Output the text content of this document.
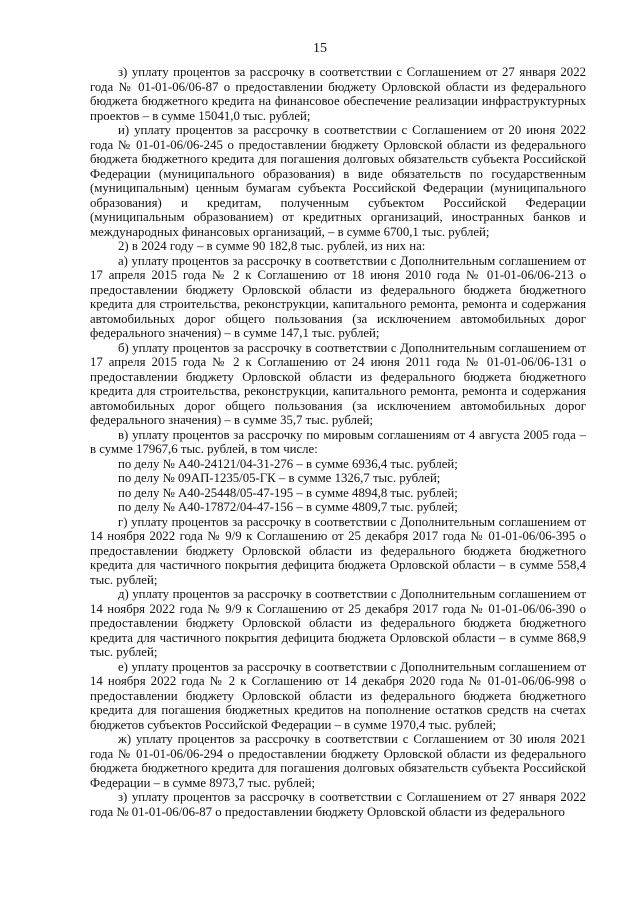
15

з) уплату процентов за рассрочку в соответствии с Соглашением от 27 января 2022 года № 01-01-06/06-87 о предоставлении бюджету Орловской области из федерального бюджета бюджетного кредита на финансовое обеспечение реализации инфраструктурных проектов – в сумме 15041,0 тыс. рублей;

и) уплату процентов за рассрочку в соответствии с Соглашением от 20 июня 2022 года № 01-01-06/06-245 о предоставлении бюджету Орловской области из федерального бюджета бюджетного кредита для погашения долговых обязательств субъекта Российской Федерации (муниципального образования) в виде обязательств по государственным (муниципальным) ценным бумагам субъекта Российской Федерации (муниципального образования) и кредитам, полученным субъектом Российской Федерации (муниципальным образованием) от кредитных организаций, иностранных банков и международных финансовых организаций, – в сумме 6700,1 тыс. рублей;

2) в 2024 году – в сумме 90 182,8 тыс. рублей, из них на:

а) уплату процентов за рассрочку в соответствии с Дополнительным соглашением от 17 апреля 2015 года № 2 к Соглашению от 18 июня 2010 года № 01-01-06/06-213 о предоставлении бюджету Орловской области из федерального бюджета бюджетного кредита для строительства, реконструкции, капитального ремонта, ремонта и содержания автомобильных дорог общего пользования (за исключением автомобильных дорог федерального значения) – в сумме 147,1 тыс. рублей;

б) уплату процентов за рассрочку в соответствии с Дополнительным соглашением от 17 апреля 2015 года № 2 к Соглашению от 24 июня 2011 года № 01-01-06/06-131 о предоставлении бюджету Орловской области из федерального бюджета бюджетного кредита для строительства, реконструкции, капитального ремонта, ремонта и содержания автомобильных дорог общего пользования (за исключением автомобильных дорог федерального значения) – в сумме 35,7 тыс. рублей;

в) уплату процентов за рассрочку по мировым соглашениям от 4 августа 2005 года – в сумме 17967,6 тыс. рублей, в том числе:

по делу № А40-24121/04-31-276 – в сумме 6936,4 тыс. рублей;

по делу № 09АП-1235/05-ГК – в сумме 1326,7 тыс. рублей;

по делу № А40-25448/05-47-195 – в сумме 4894,8 тыс. рублей;

по делу № А40-17872/04-47-156 – в сумме 4809,7 тыс. рублей;

г) уплату процентов за рассрочку в соответствии с Дополнительным соглашением от 14 ноября 2022 года № 9/9 к Соглашению от 25 декабря 2017 года № 01-01-06/06-395 о предоставлении бюджету Орловской области из федерального бюджета бюджетного кредита для частичного покрытия дефицита бюджета Орловской области – в сумме 558,4 тыс. рублей;

д) уплату процентов за рассрочку в соответствии с Дополнительным соглашением от 14 ноября 2022 года № 9/9 к Соглашению от 25 декабря 2017 года № 01-01-06/06-390 о предоставлении бюджету Орловской области из федерального бюджета бюджетного кредита для частичного покрытия дефицита бюджета Орловской области – в сумме 868,9 тыс. рублей;

е) уплату процентов за рассрочку в соответствии с Дополнительным соглашением от 14 ноября 2022 года № 2 к Соглашению от 14 декабря 2020 года № 01-01-06/06-998 о предоставлении бюджету Орловской области из федерального бюджета бюджетного кредита для погашения бюджетных кредитов на пополнение остатков средств на счетах бюджетов субъектов Российской Федерации – в сумме 1970,4 тыс. рублей;

ж) уплату процентов за рассрочку в соответствии с Соглашением от 30 июля 2021 года № 01-01-06/06-294 о предоставлении бюджету Орловской области из федерального бюджета бюджетного кредита для погашения долговых обязательств субъекта Российской Федерации – в сумме 8973,7 тыс. рублей;

з) уплату процентов за рассрочку в соответствии с Соглашением от 27 января 2022 года № 01-01-06/06-87 о предоставлении бюджету Орловской области из федерального
